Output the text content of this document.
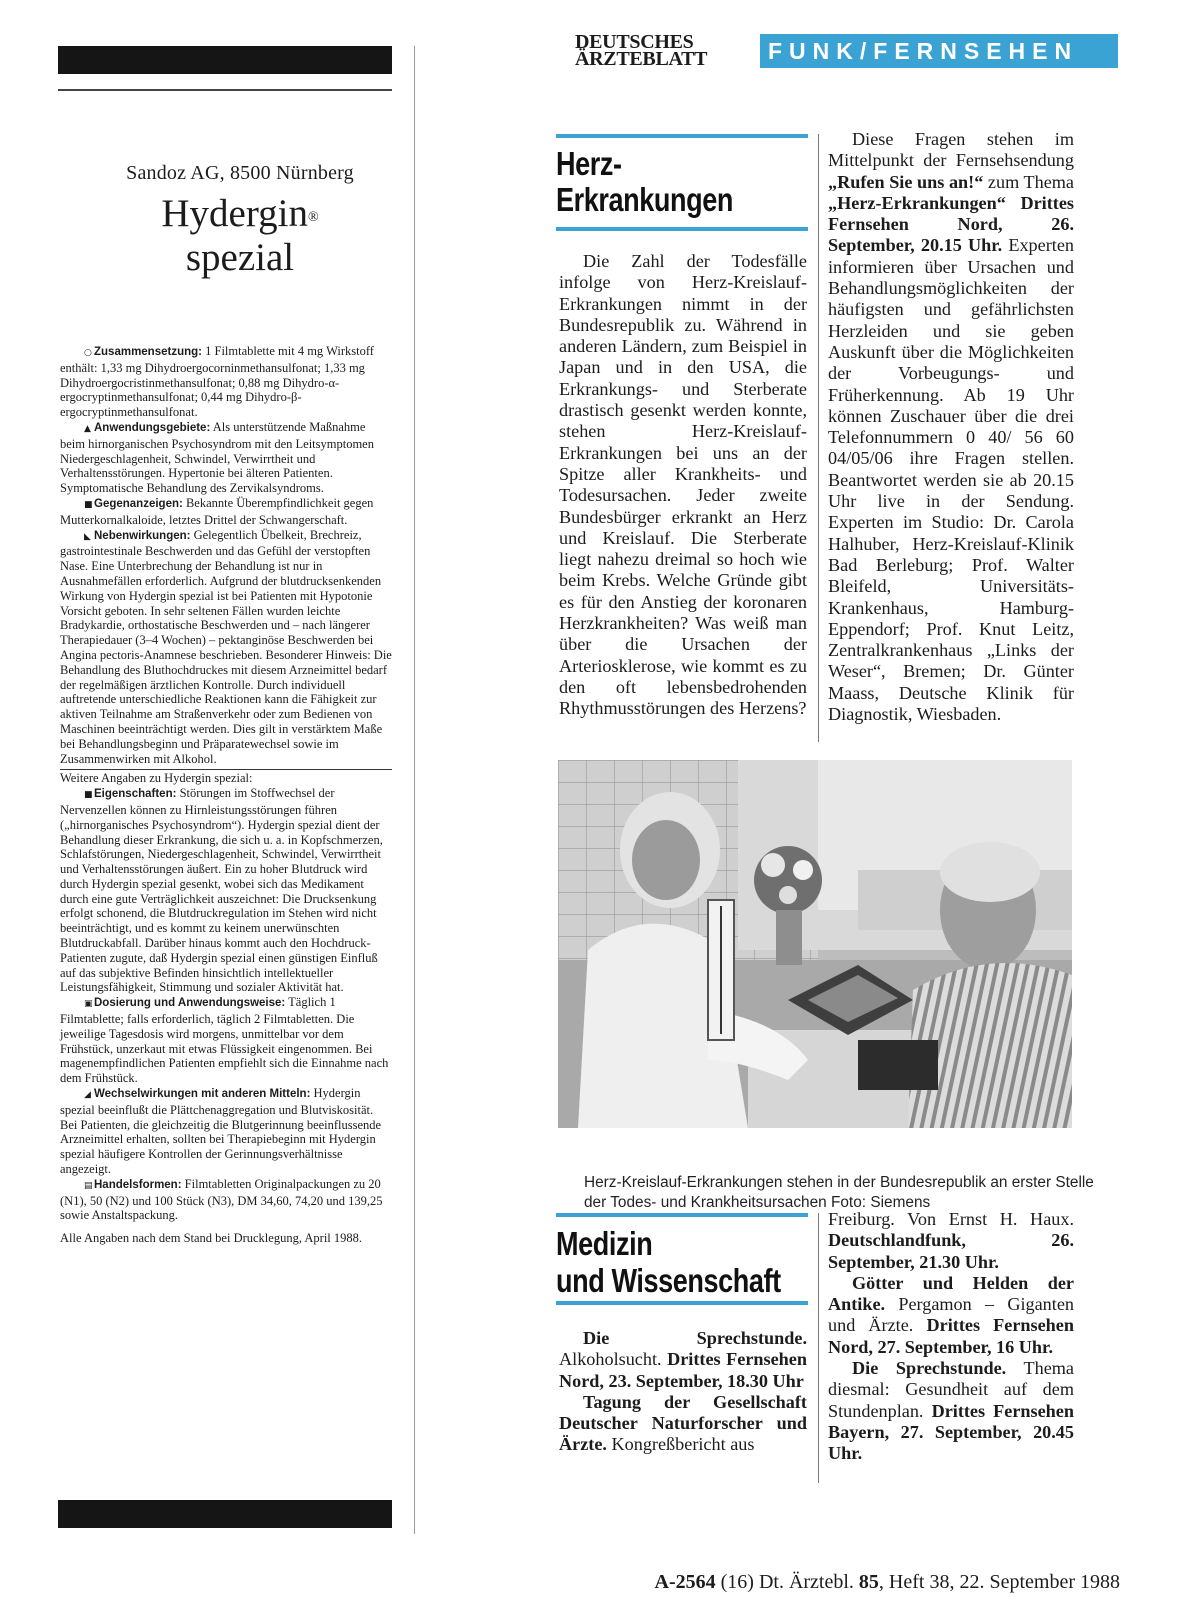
Sandoz AG, 8500 Nürnberg
Hydergin®
spezial

○ Zusammensetzung: 1 Filmtablette mit 4 mg Wirkstoff enthält: 1,33 mg Dihydroergocorninmethansulfonat; 1,33 mg Dihydroergocristinmethansulfonat; 0,88 mg Dihydro-α-ergocryptinmethansulfonat; 0,44 mg Dihydro-β-ergocryptinmethansulfonat.

▲ Anwendungsgebiete: Als unterstützende Maßnahme beim hirnorganischen Psychosyndrom mit den Leitsymptomen Niedergeschlagenheit, Schwindel, Verwirrtheit und Verhaltensstörungen. Hypertonie bei älteren Patienten. Symptomatische Behandlung des Zervikalsyndroms.

■Gegenanzeigen: Bekannte Überempfindlichkeit gegen Mutterkornalkaloide, letztes Drittel der Schwangerschaft.

◣ Nebenwirkungen: Gelegentlich Übelkeit, Brechreiz, gastrointestinale Beschwerden und das Gefühl der verstopften Nase. Eine Unterbrechung der Behandlung ist nur in Ausnahmefällen erforderlich. Aufgrund der blutdrucksenkenden Wirkung von Hydergin spezial ist bei Patienten mit Hypotonie Vorsicht geboten. In sehr seltenen Fällen wurden leichte Bradykardie, orthostatische Beschwerden und – nach längerer Therapiedauer (3–4 Wochen) – pektanginöse Beschwerden bei Angina pectoris-Anamnese beschrieben. Besonderer Hinweis: Die Behandlung des Bluthochdruckes mit diesem Arzneimittel bedarf der regelmäßigen ärztlichen Kontrolle. Durch individuell auftretende unterschiedliche Reaktionen kann die Fähigkeit zur aktiven Teilnahme am Straßenverkehr oder zum Bedienen von Maschinen beeinträchtigt werden. Dies gilt in verstärktem Maße bei Behandlungsbeginn und Präparatewechsel sowie im Zusammenwirken mit Alkohol.

Weitere Angaben zu Hydergin spezial:

■Eigenschaften: Störungen im Stoffwechsel der Nervenzellen können zu Hirnleistungsstörungen führen („hirnorganisches Psychosyndrom“). Hydergin spezial dient der Behandlung dieser Erkrankung, die sich u. a. in Kopfschmerzen, Schlafstörungen, Niedergeschlagenheit, Schwindel, Verwirrtheit und Verhaltensstörungen äußert. Ein zu hoher Blutdruck wird durch Hydergin spezial gesenkt, wobei sich das Medikament durch eine gute Verträglichkeit auszeichnet: Die Drucksenkung erfolgt schonend, die Blutdruckregulation im Stehen wird nicht beeinträchtigt, und es kommt zu keinem unerwünschten Blutdruckabfall. Darüber hinaus kommt auch den Hochdruck-Patienten zugute, daß Hydergin spezial einen günstigen Einfluß auf das subjektive Befinden hinsichtlich intellektueller Leistungsfähigkeit, Stimmung und sozialer Aktivität hat.

▣Dosierung und Anwendungsweise: Täglich 1 Filmtablette; falls erforderlich, täglich 2 Filmtabletten. Die jeweilige Tagesdosis wird morgens, unmittelbar vor dem Frühstück, unzerkaut mit etwas Flüssigkeit eingenommen. Bei magenempfindlichen Patienten empfiehlt sich die Einnahme nach dem Frühstück.

◢ Wechselwirkungen mit anderen Mitteln: Hydergin spezial beeinflußt die Plättchenaggregation und Blutviskosität. Bei Patienten, die gleichzeitig die Blutgerinnung beeinflussende Arzneimittel erhalten, sollten bei Therapiebeginn mit Hydergin spezial häufigere Kontrollen der Gerinnungsverhältnisse angezeigt.

▤Handelsformen: Filmtabletten Originalpackungen zu 20 (N1), 50 (N2) und 100 Stück (N3), DM 34,60, 74,20 und 139,25 sowie Anstaltspackung.

Alle Angaben nach dem Stand bei Drucklegung, April 1988.

DEUTSCHES
ÄRZTEBLATT	FUNK/FERNSEHEN
Herz-
Erkrankungen

Die Zahl der Todesfälle infolge von Herz-Kreislauf-Erkrankungen nimmt in der Bundesrepublik zu. Während in anderen Ländern, zum Beispiel in Japan und in den USA, die Erkrankungs- und Sterberate drastisch gesenkt werden konnte, stehen Herz-Kreislauf-Erkrankungen bei uns an der Spitze aller Krankheits- und Todesursachen. Jeder zweite Bundesbürger erkrankt an Herz und Kreislauf. Die Sterberate liegt nahezu dreimal so hoch wie beim Krebs. Welche Gründe gibt es für den Anstieg der koronaren Herzkrankheiten? Was weiß man über die Ursachen der Arteriosklerose, wie kommt es zu den oft lebensbedrohenden Rhythmusstörungen des Herzens?

Diese Fragen stehen im Mittelpunkt der Fernsehsendung „Rufen Sie uns an!“ zum Thema „Herz-Erkrankungen“ Drittes Fernsehen Nord, 26. September, 20.15 Uhr. Experten informieren über Ursachen und Behandlungsmöglichkeiten der häufigsten und gefährlichsten Herzleiden und sie geben Auskunft über die Möglichkeiten der Vorbeugungs- und Früherkennung. Ab 19 Uhr können Zuschauer über die drei Telefonnummern 0 40/ 56 60 04/05/06 ihre Fragen stellen. Beantwortet werden sie ab 20.15 Uhr live in der Sendung. Experten im Studio: Dr. Carola Halhuber, Herz-Kreislauf-Klinik Bad Berleburg; Prof. Walter Bleifeld, Universitäts-Krankenhaus, Hamburg-Eppendorf; Prof. Knut Leitz, Zentralkrankenhaus „Links der Weser“, Bremen; Dr. Günter Maass, Deutsche Klinik für Diagnostik, Wiesbaden.

Herz-Kreislauf-Erkrankungen stehen in der Bundesrepublik an erster Stelle der Todes- und Krankheitsursachen Foto: Siemens
Medizin
und Wissenschaft

Die Sprechstunde. Alkoholsucht. Drittes Fernsehen Nord, 23. September, 18.30 Uhr

Tagung der Gesellschaft Deutscher Naturforscher und Ärzte. Kongreßbericht aus

Freiburg. Von Ernst H. Haux. Deutschlandfunk, 26. September, 21.30 Uhr.

Götter und Helden der Antike. Pergamon – Giganten und Ärzte. Drittes Fernsehen Nord, 27. September, 16 Uhr.

Die Sprechstunde. Thema diesmal: Gesundheit auf dem Stundenplan. Drittes Fernsehen Bayern, 27. September, 20.45 Uhr.

A-2564 (16) Dt. Ärztebl. 85, Heft 38, 22. September 1988
